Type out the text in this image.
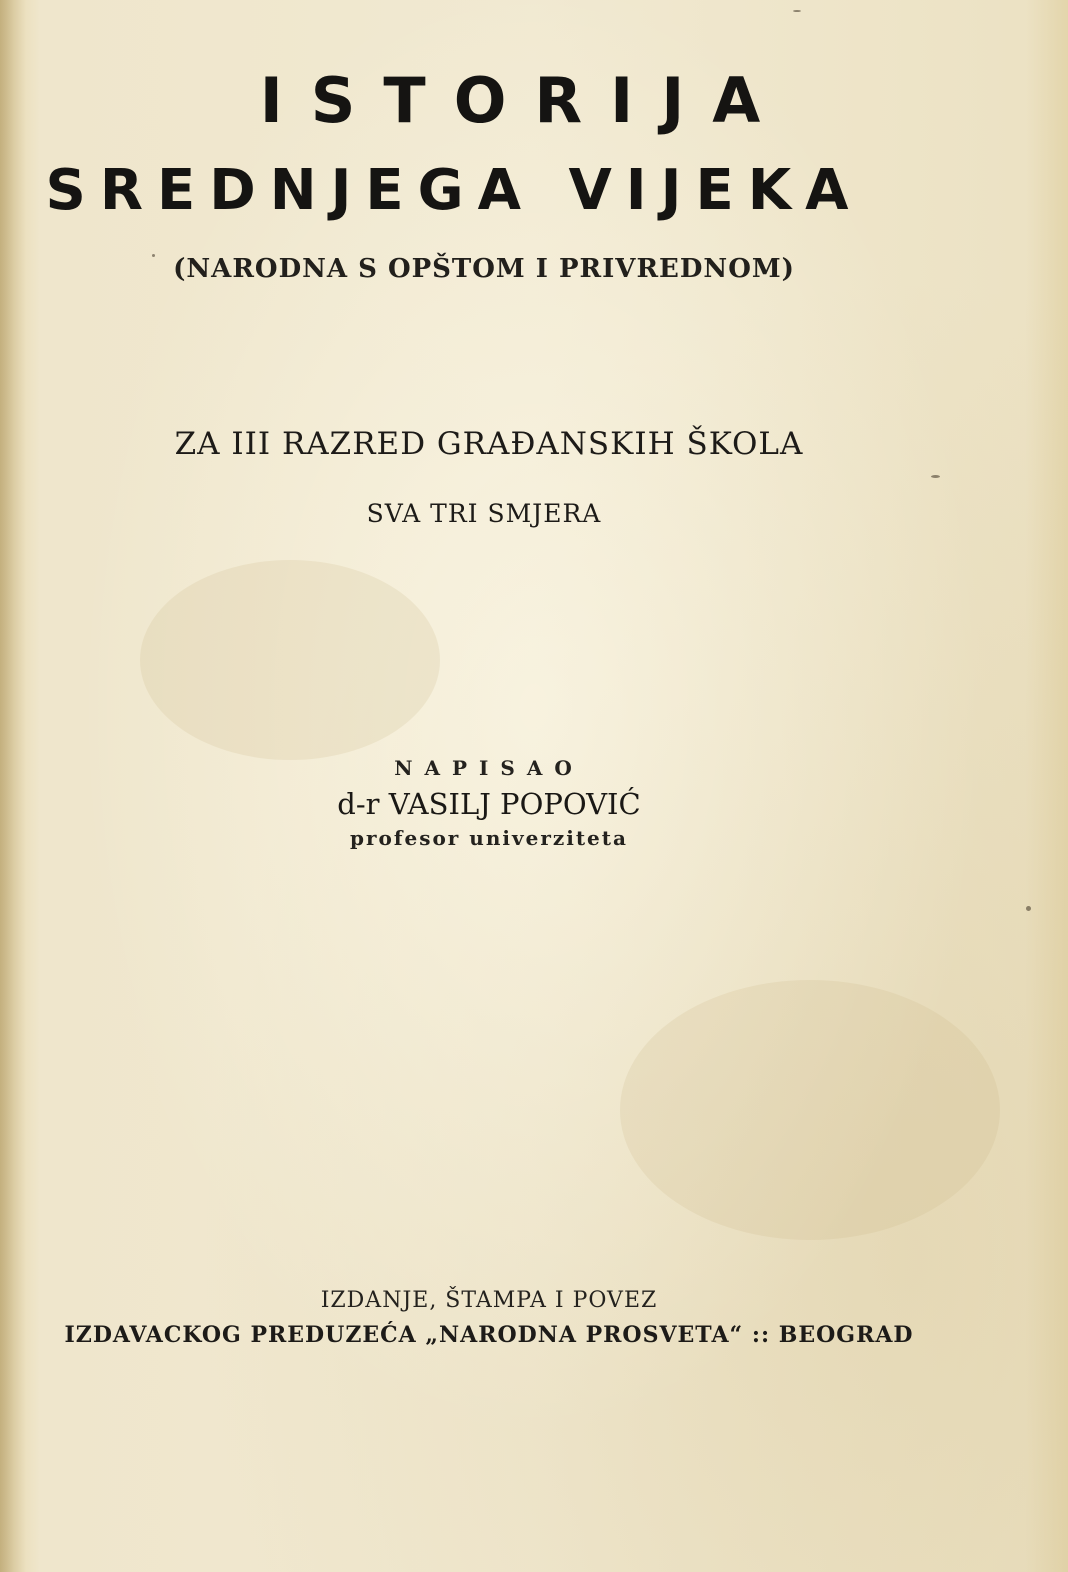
ISTORIJA
SREDNJEGA VIJEKA
(NARODNA S OPŠTOM I PRIVREDNOM)
ZA III RAZRED GRAĐANSKIH ŠKOLA
SVA TRI SMJERA
NAPISAO
d-r VASILJ POPOVIĆ
profesor univerziteta
IZDANJE, ŠTAMPA I POVEZ
IZDAVACKOG PREDUZEĆA „NARODNA PROSVETA“ :: BEOGRAD
